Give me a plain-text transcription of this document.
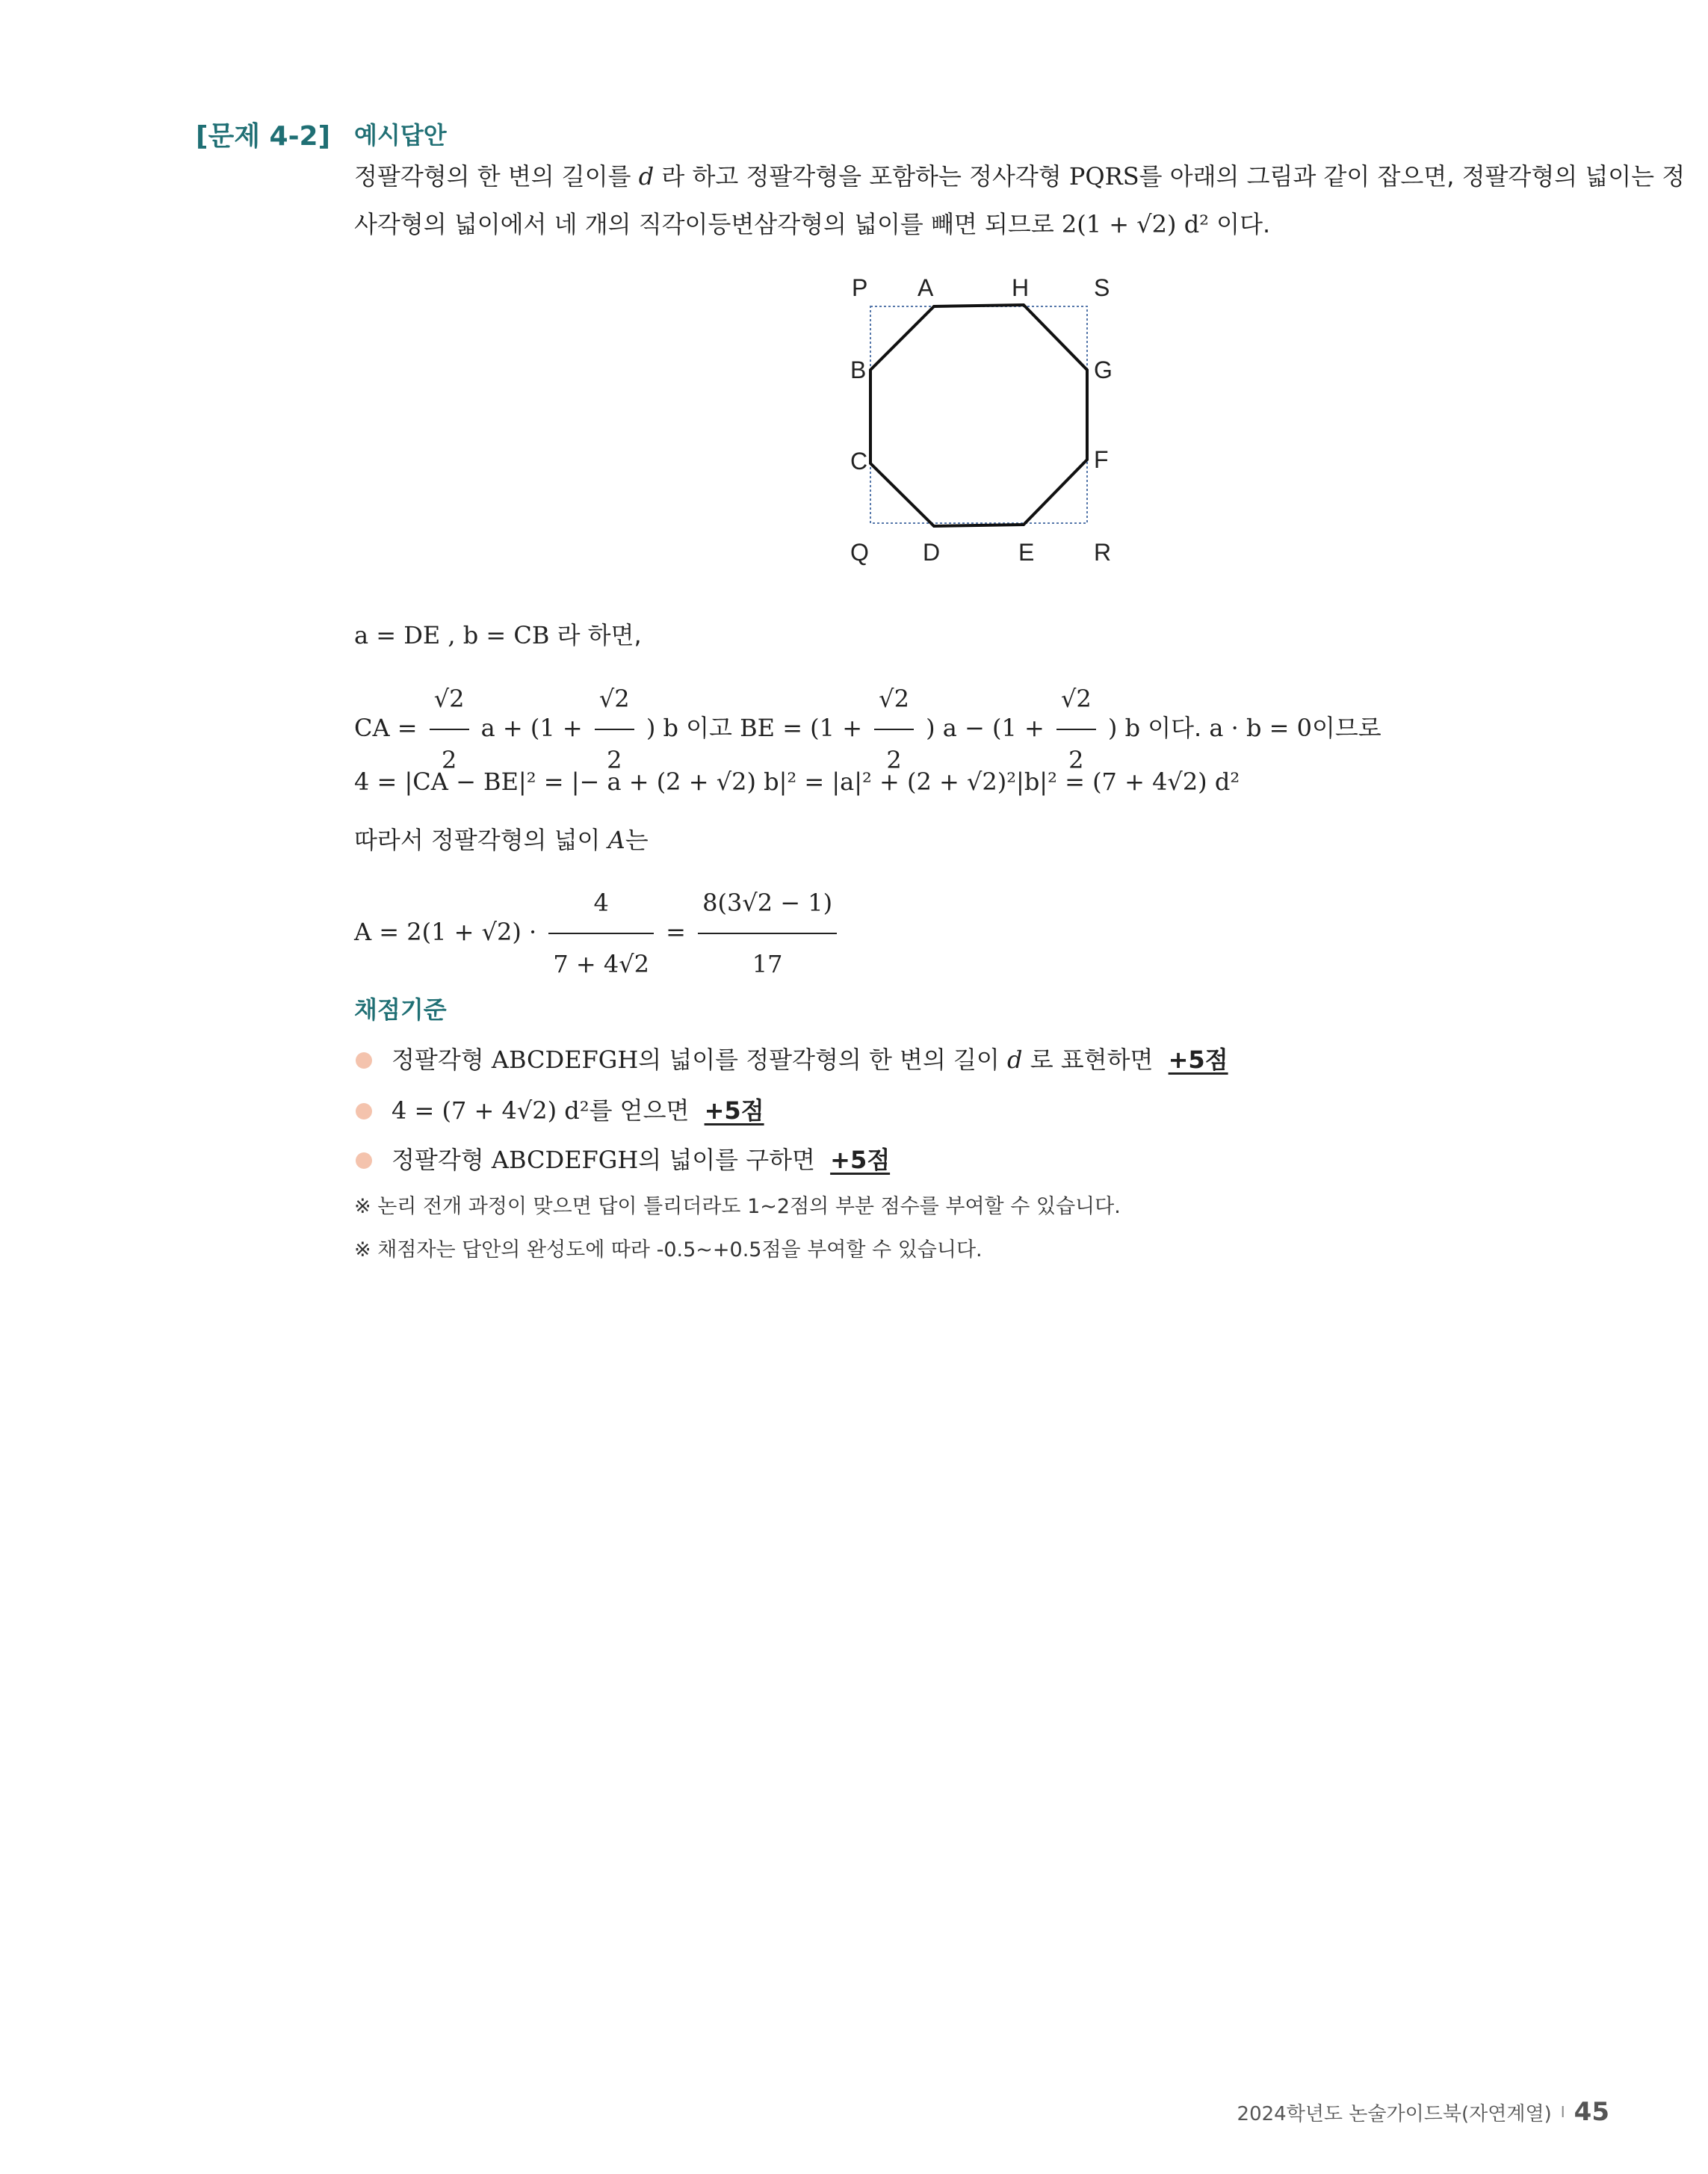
[문제 4-2] 예시답안
정팔각형의 한 변의 길이를 d 라 하고 정팔각형을 포함하는 정사각형 PQRS를 아래의 그림과 같이 잡으면, 정팔각형의 넓이는 정
사각형의 넓이에서 네 개의 직각이등변삼각형의 넓이를 빼면 되므로 2(1 + √2) d² 이다.
P A	H	S
B	G
C	F
Q D	E R
a = DE , b = CB 라 하면,
CA = $\frac{√2}{2}$ $a + (1 + \frac{√2}{2}$ ) b 이고 BE = ($1 + \frac{√2}{2}$ ) $a - (1 + \frac{√2}{2}$ ) b 이다. a · b = 0이므로
4 = |CA − BE|² = |− a + (2 + √2) b|² = |a|² + (2 + √2)²|b|² = (7 + 4√2) d²
따라서 정팔각형의 넓이 A는
$A = 2(1 + √2) \cdot \frac{4}{7 + 4√2} = \frac{8(3√2 - 1)}{17}$
채점기준
정팔각형 ABCDEFGH의 넓이를 정팔각형의 한 변의 길이 d 로 표현하면 +5점
4 = (7 + 4√2) d²를 얻으면 +5점
정팔각형 ABCDEFGH의 넓이를 구하면 +5점
※ 논리 전개 과정이 맞으면 답이 틀리더라도 1~2점의 부분 점수를 부여할 수 있습니다.
※ 채점자는 답안의 완성도에 따라 -0.5~+0.5점을 부여할 수 있습니다.
2024학년도 논술가이드북(자연계열) I 45
